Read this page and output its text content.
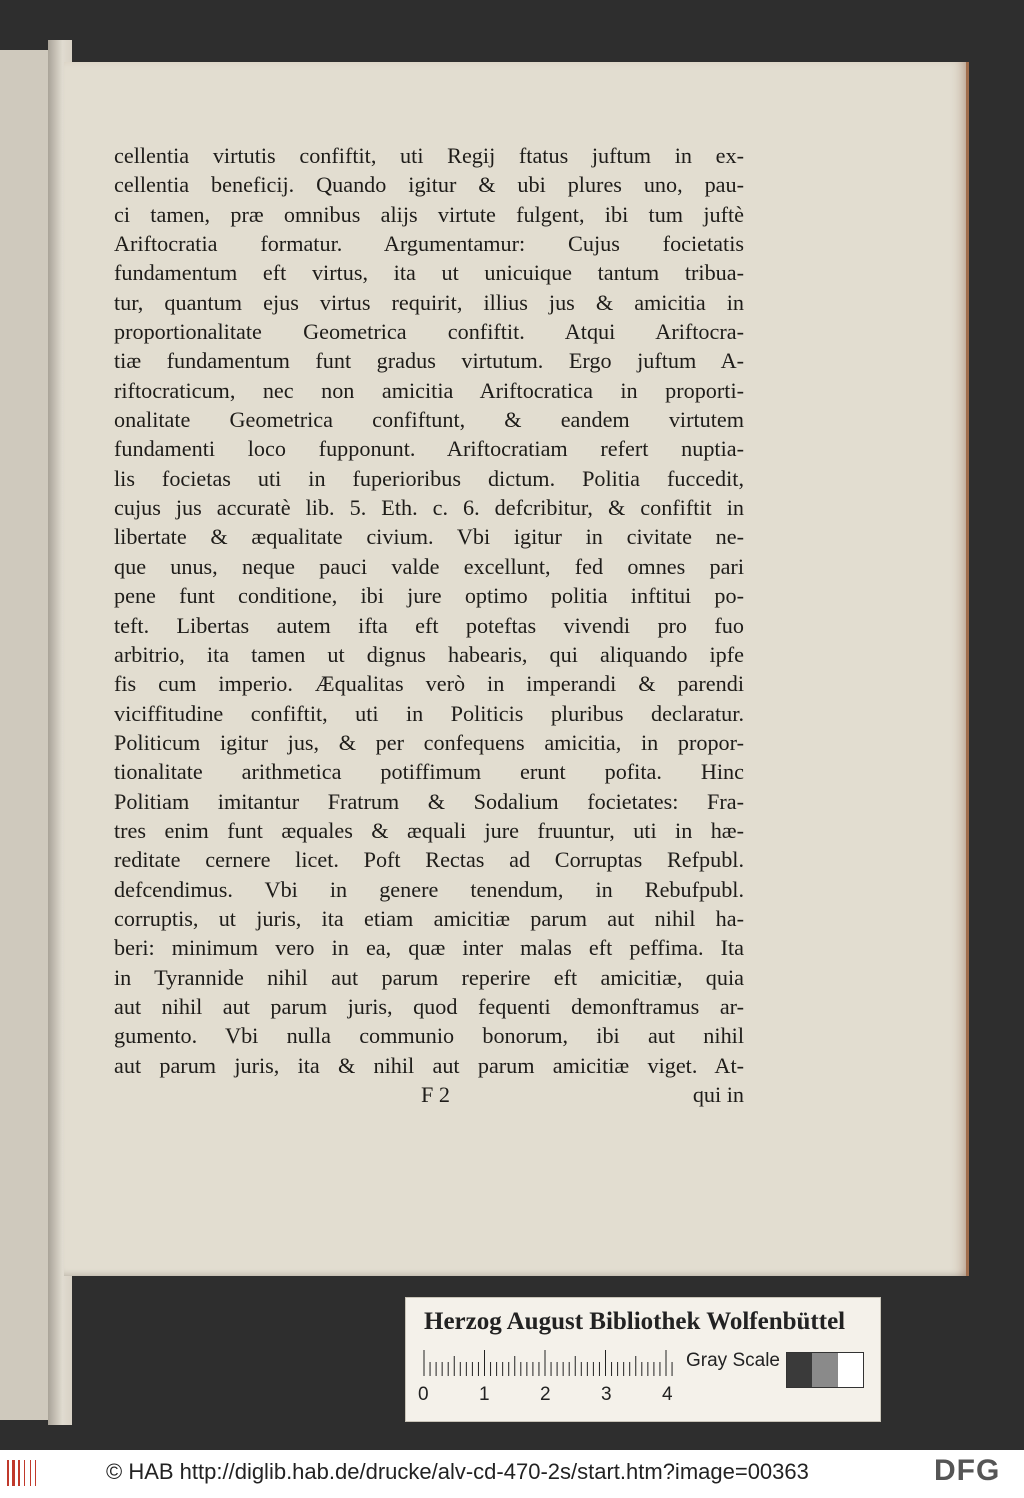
cellentia virtutis confiftit, uti Regij ftatus juftum in ex-
cellentia beneficij. Quando igitur & ubi plures uno, pau-
ci tamen, præ omnibus alijs virtute fulgent, ibi tum juftè
Ariftocratia formatur. Argumentamur: Cujus focietatis
fundamentum eft virtus, ita ut unicuique tantum tribua-
tur, quantum ejus virtus requirit, illius jus & amicitia in
proportionalitate Geometrica confiftit. Atqui Ariftocra-
tiæ fundamentum funt gradus virtutum. Ergo juftum A-
riftocraticum, nec non amicitia Ariftocratica in proporti-
onalitate Geometrica confiftunt, & eandem virtutem
fundamenti loco fupponunt. Ariftocratiam refert nuptia-
lis focietas uti in fuperioribus dictum. Politia fuccedit,
cujus jus accuratè lib. 5. Eth. c. 6. defcribitur, & confiftit in
libertate & æqualitate civium. Vbi igitur in civitate ne-
que unus, neque pauci valde excellunt, fed omnes pari
pene funt conditione, ibi jure optimo politia inftitui po-
teft. Libertas autem ifta eft poteftas vivendi pro fuo
arbitrio, ita tamen ut dignus habearis, qui aliquando ipfe
fis cum imperio. Æqualitas verò in imperandi & parendi
viciffitudine confiftit, uti in Politicis pluribus declaratur.
Politicum igitur jus, & per confequens amicitia, in propor-
tionalitate arithmetica potiffimum erunt pofita. Hinc
Politiam imitantur Fratrum & Sodalium focietates: Fra-
tres enim funt æquales & æquali jure fruuntur, uti in hæ-
reditate cernere licet. Poft Rectas ad Corruptas Refpubl.
defcendimus. Vbi in genere tenendum, in Rebufpubl.
corruptis, ut juris, ita etiam amicitiæ parum aut nihil ha-
beri: minimum vero in ea, quæ inter malas eft peffima. Ita
in Tyrannide nihil aut parum reperire eft amicitiæ, quia
aut nihil aut parum juris, quod fequenti demonftramus ar-
gumento. Vbi nulla communio bonorum, ibi aut nihil
aut parum juris, ita & nihil aut parum amicitiæ viget. At-
F 2	qui in
Herzog August Bibliothek Wolfenbüttel
0	1	2	3	4
Gray Scale
© HAB http://diglib.hab.de/drucke/alv-cd-470-2s/start.htm?image=00363	DFG
